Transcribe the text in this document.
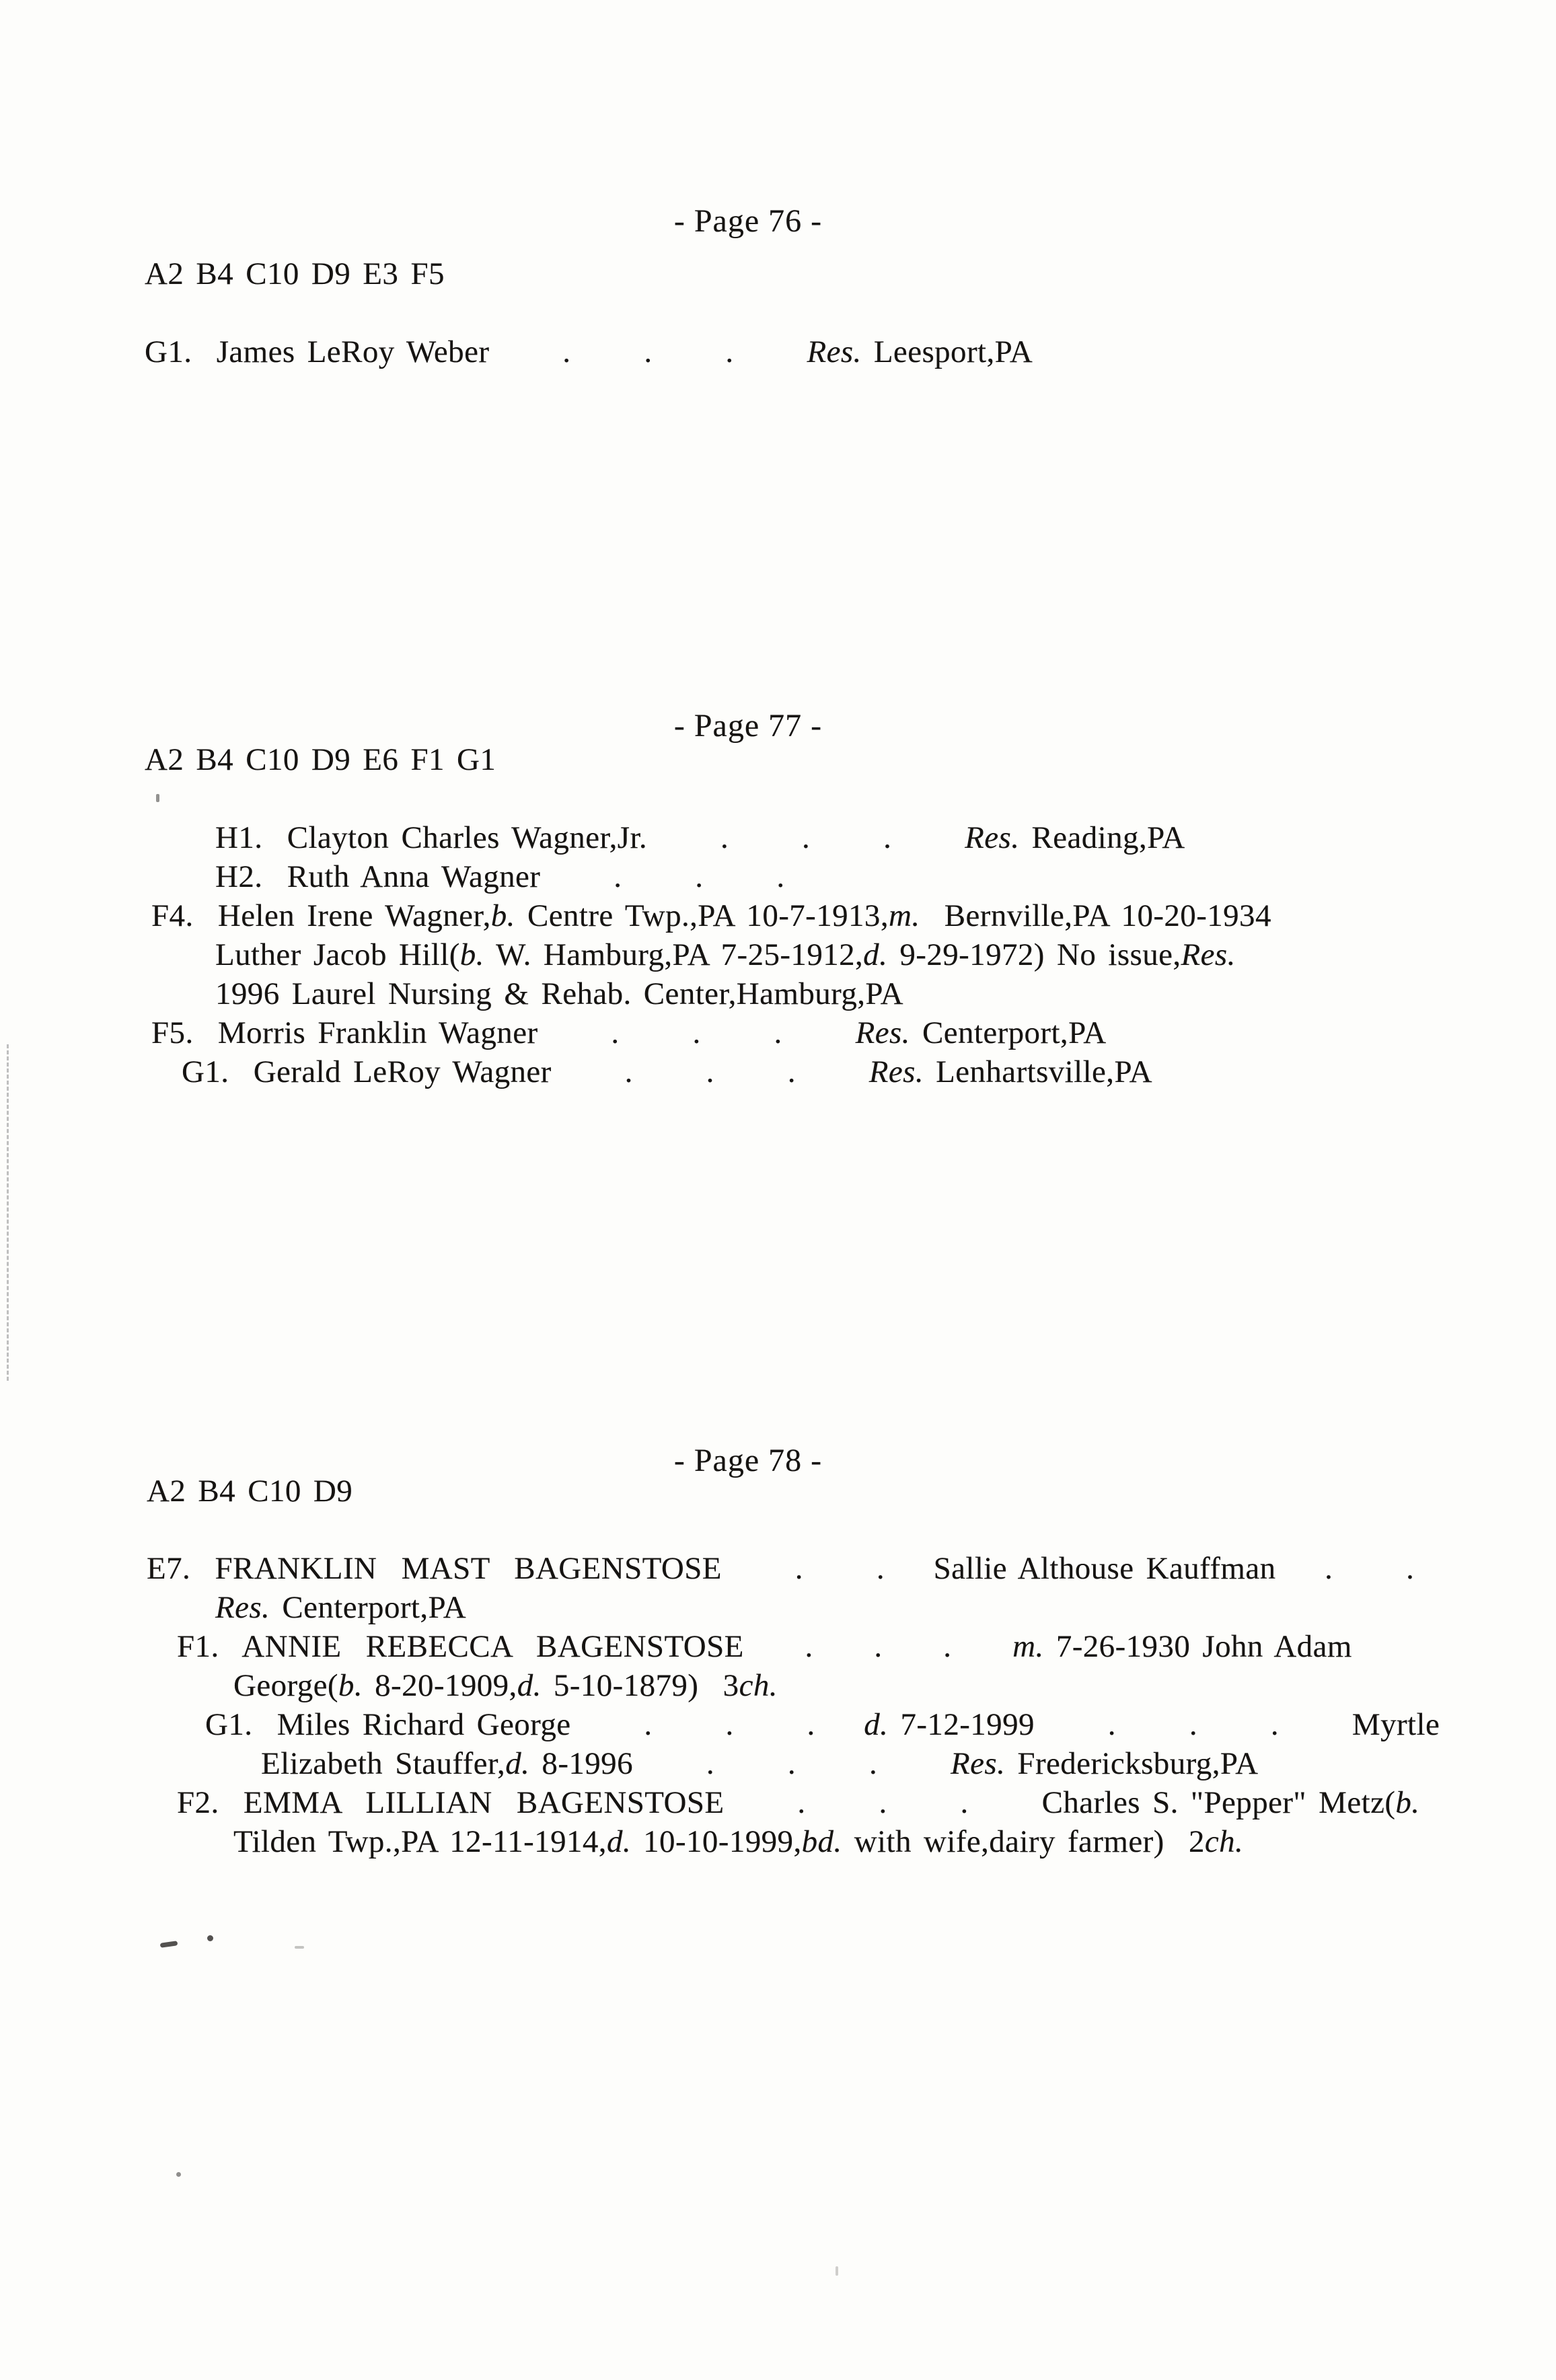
- Page 76 -
A2 B4 C10 D9 E3 F5
G1.  James LeRoy Weber      .      .      .      Res. Leesport,PA
- Page 77 -
A2 B4 C10 D9 E6 F1 G1
H1.  Clayton Charles Wagner,Jr.      .      .      .      Res. Reading,PA
H2.  Ruth Anna Wagner      .      .      .
F4.  Helen Irene Wagner,b. Centre Twp.,PA 10-7-1913,m.  Bernville,PA 10-20-1934
Luther Jacob Hill(b. W. Hamburg,PA 7-25-1912,d. 9-29-1972) No issue,Res.
1996 Laurel Nursing & Rehab. Center,Hamburg,PA
F5.  Morris Franklin Wagner      .      .      .      Res. Centerport,PA
G1.  Gerald LeRoy Wagner      .      .      .      Res. Lenhartsville,PA
- Page 78 -
A2 B4 C10 D9
E7.  FRANKLIN  MAST  BAGENSTOSE      .      .    Sallie Althouse Kauffman    .      .
Res. Centerport,PA
F1.  ANNIE  REBECCA  BAGENSTOSE     .     .     .     m. 7-26-1930 John Adam
George(b. 8-20-1909,d. 5-10-1879)  3ch.
G1.  Miles Richard George      .      .      .    d. 7-12-1999      .      .      .      Myrtle
Elizabeth Stauffer,d. 8-1996      .      .      .      Res. Fredericksburg,PA
F2.  EMMA  LILLIAN  BAGENSTOSE      .      .      .      Charles S. "Pepper" Metz(b.
Tilden Twp.,PA 12-11-1914,d. 10-10-1999,bd. with wife,dairy farmer)  2ch.
